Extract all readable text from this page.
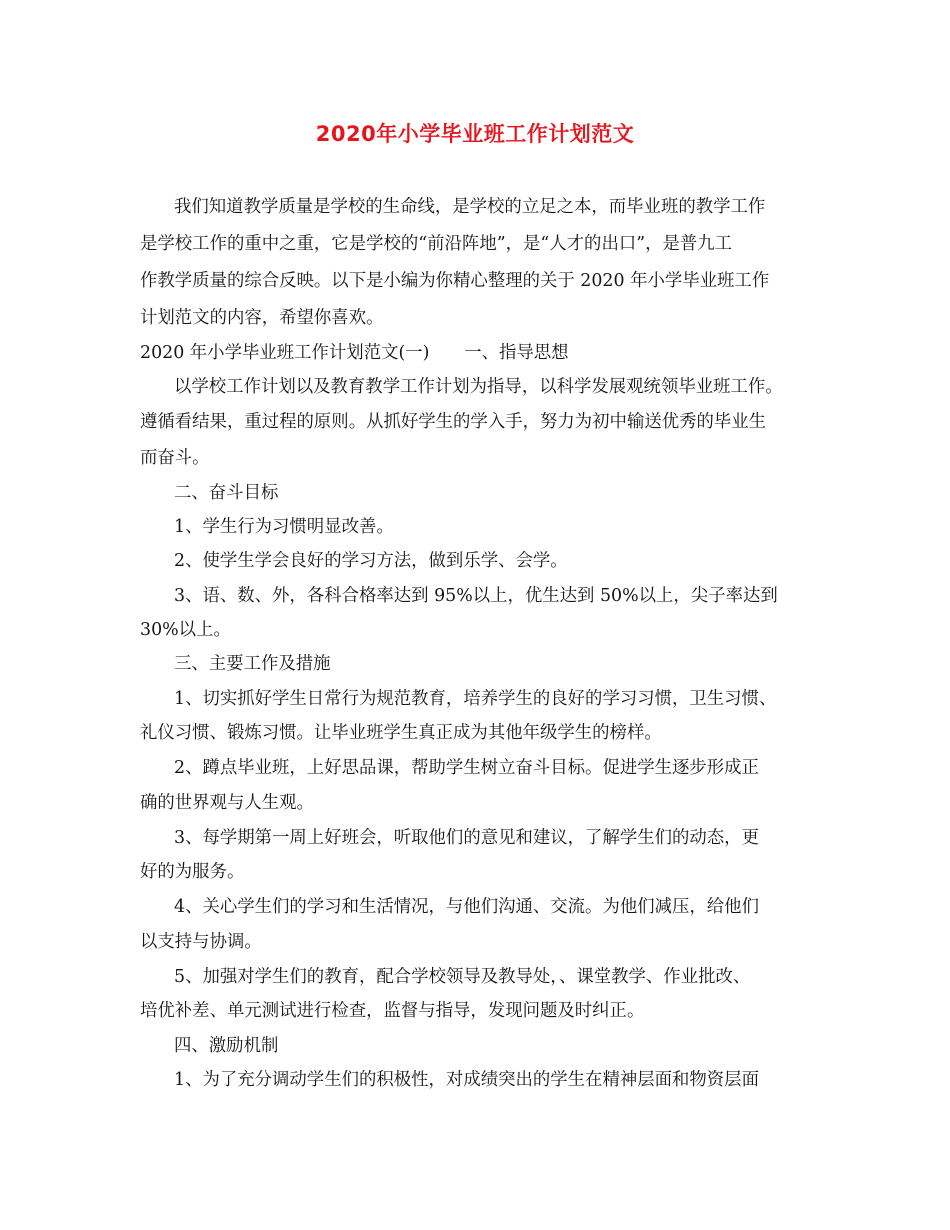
2020年小学毕业班工作计划范文
我们知道教学质量是学校的生命线，是学校的立足之本，而毕业班的教学工作
是学校工作的重中之重，它是学校的“前沿阵地”，是“人才的出口”，是普九工
作教学质量的综合反映。以下是小编为你精心整理的关于 2020 年小学毕业班工作
计划范文的内容，希望你喜欢。
2020 年小学毕业班工作计划范文(一)　　一、指导思想
以学校工作计划以及教育教学工作计划为指导，以科学发展观统领毕业班工作。
遵循看结果，重过程的原则。从抓好学生的学入手，努力为初中输送优秀的毕业生
而奋斗。
二、奋斗目标
1、学生行为习惯明显改善。
2、使学生学会良好的学习方法，做到乐学、会学。
3、语、数、外，各科合格率达到 95%以上，优生达到 50%以上，尖子率达到
30%以上。
三、主要工作及措施
1、切实抓好学生日常行为规范教育，培养学生的良好的学习习惯，卫生习惯、
礼仪习惯、锻炼习惯。让毕业班学生真正成为其他年级学生的榜样。
2、蹲点毕业班，上好思品课，帮助学生树立奋斗目标。促进学生逐步形成正
确的世界观与人生观。
3、每学期第一周上好班会，听取他们的意见和建议，了解学生们的动态，更
好的为服务。
4、关心学生们的学习和生活情况，与他们沟通、交流。为他们减压，给他们
以支持与协调。
5、加强对学生们的教育，配合学校领导及教导处，、课堂教学、作业批改、
培优补差、单元测试进行检查，监督与指导，发现问题及时纠正。
四、激励机制
1、为了充分调动学生们的积极性，对成绩突出的学生在精神层面和物资层面
